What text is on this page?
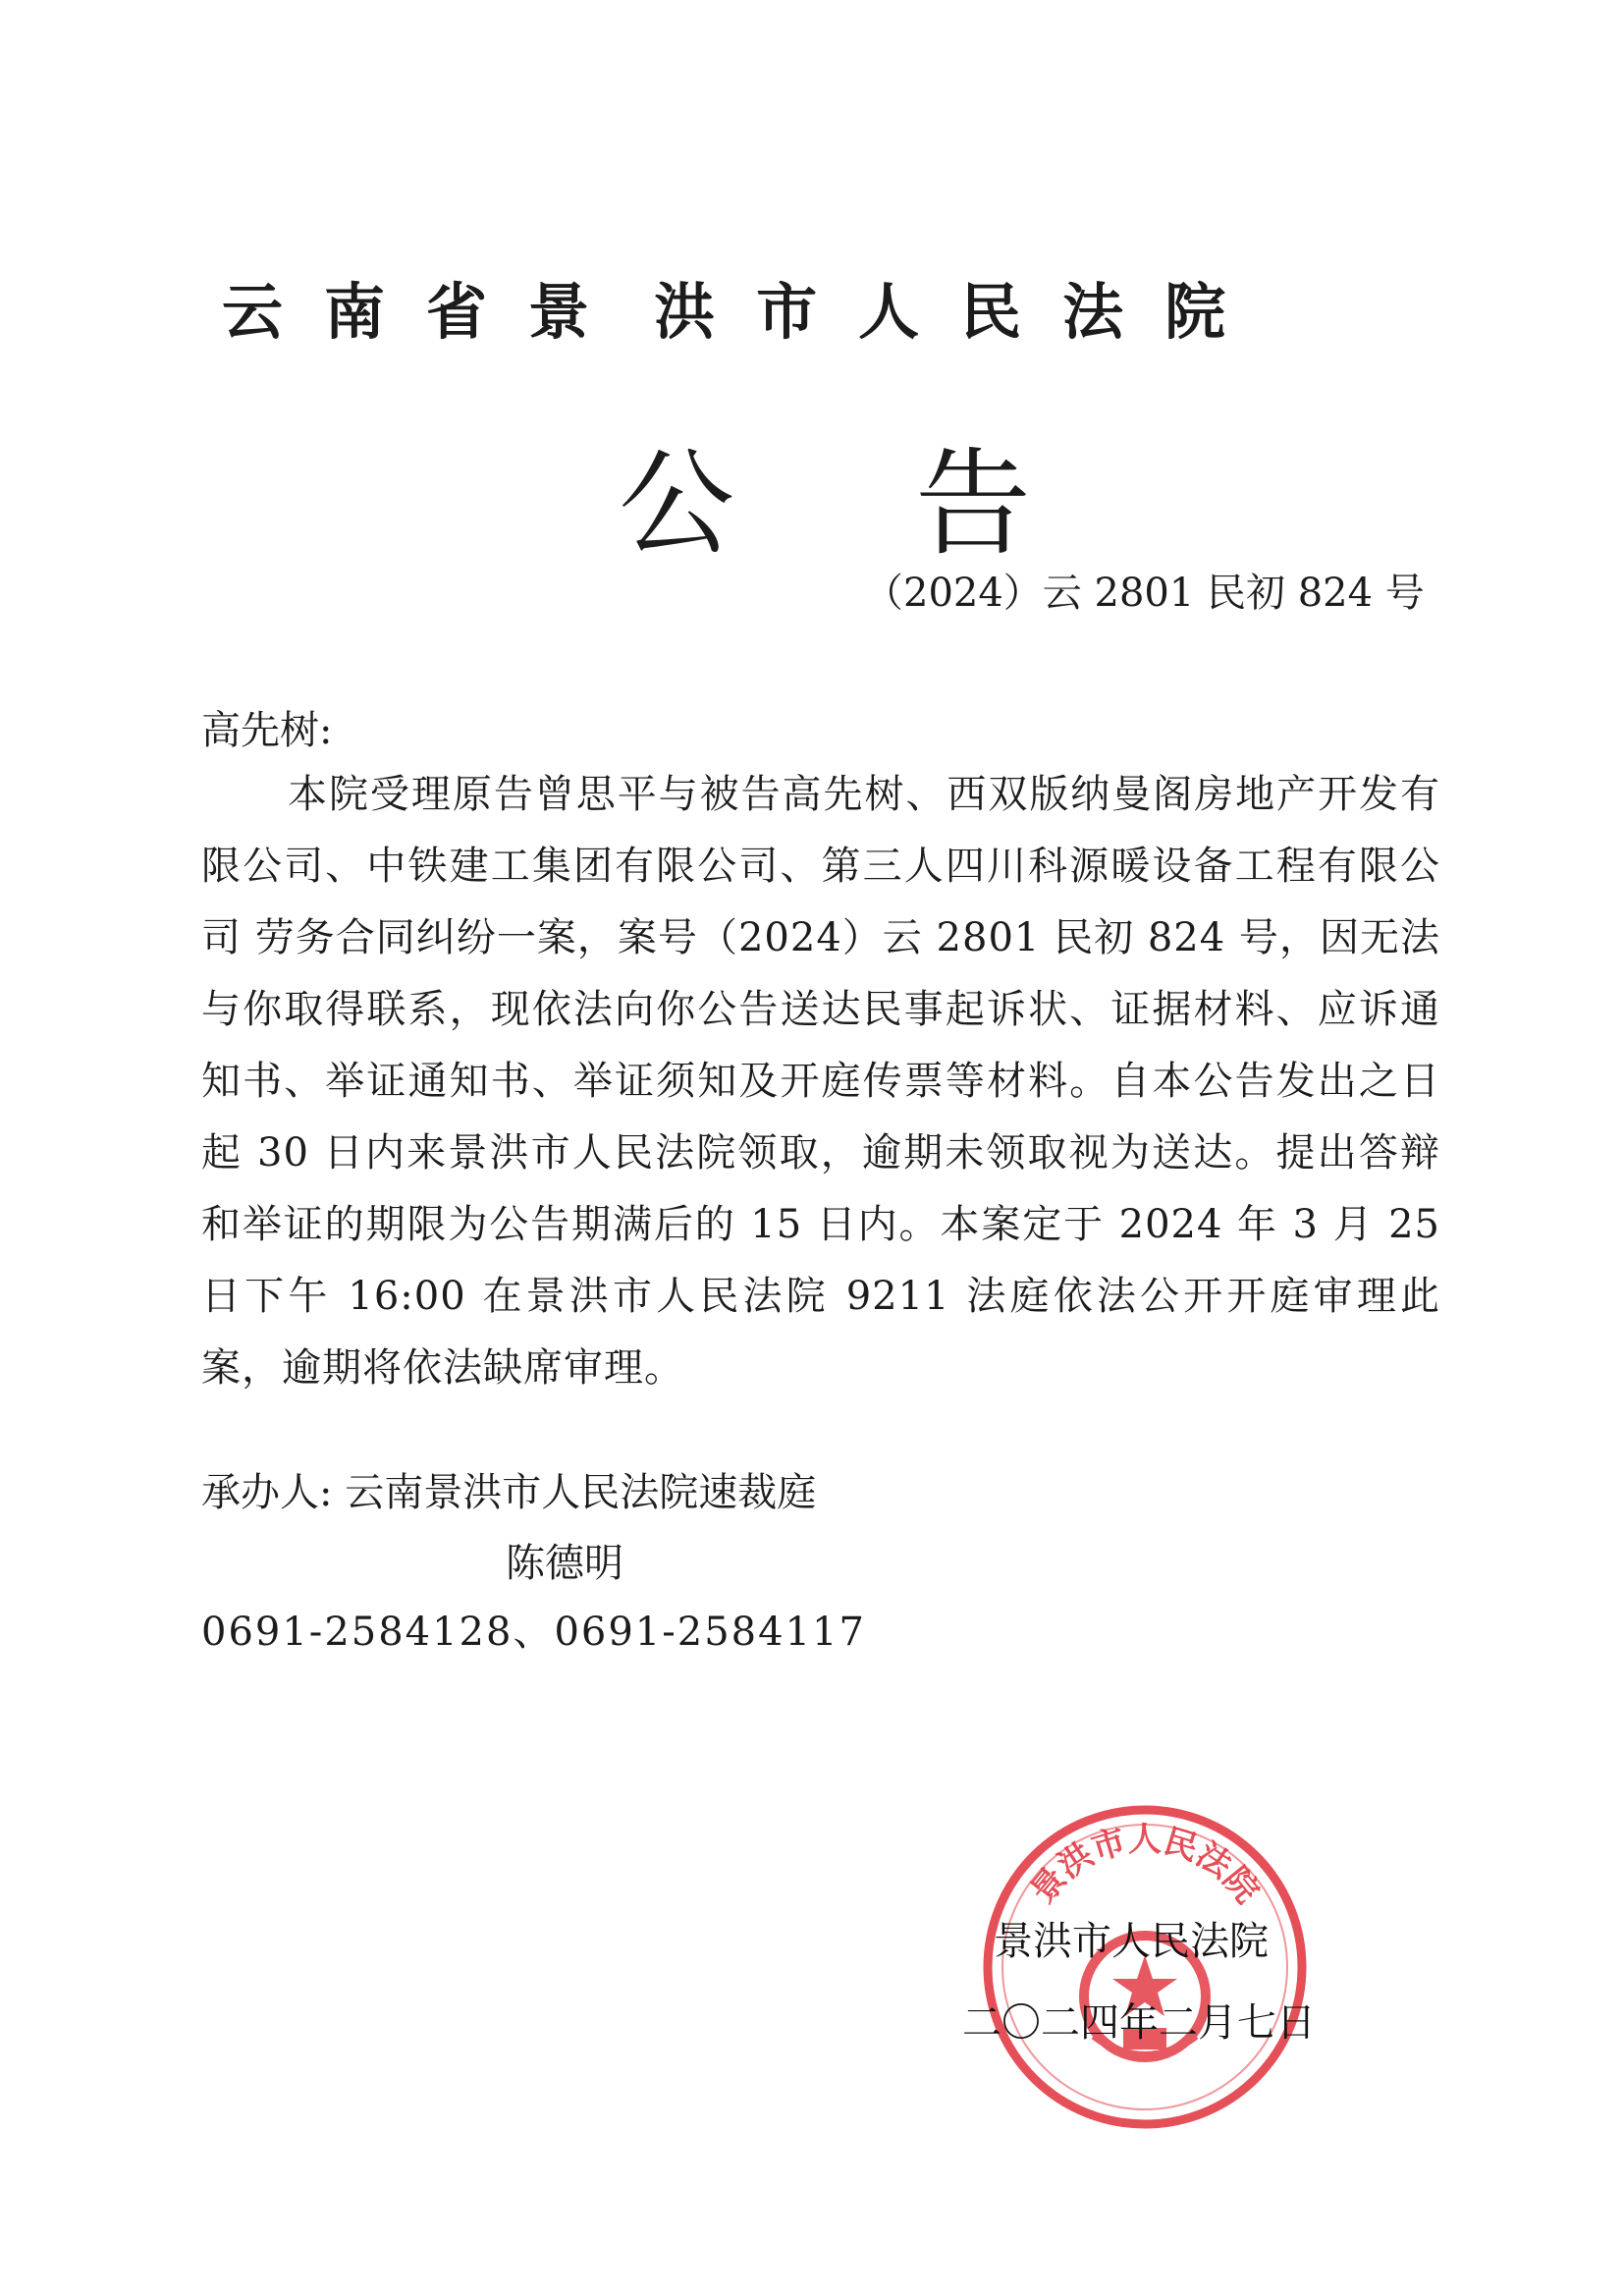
云 南 省 景 洪 市 人 民 法 院
公 告
（2024）云 2801 民初 824 号
高先树:
本院受理原告曾思平与被告高先树、西双版纳曼阁房地产开发有限公司、中铁建工集团有限公司、第三人四川科源暖设备工程有限公司 劳务合同纠纷一案，案号（2024）云 2801 民初 824 号，因无法与你取得联系，现依法向你公告送达民事起诉状、证据材料、应诉通知书、举证通知书、举证须知及开庭传票等材料。自本公告发出之日起 30 日内来景洪市人民法院领取，逾期未领取视为送达。提出答辩和举证的期限为公告期满后的 15 日内。本案定于 2024 年 3 月 25 日下午 16:00 在景洪市人民法院 9211 法庭依法公开开庭审理此案，逾期将依法缺席审理。
承办人: 云南景洪市人民法院速裁庭
陈德明
0691-2584128、0691-2584117
景洪市人民法院
景洪市人民法院
二〇二四年二月七日
